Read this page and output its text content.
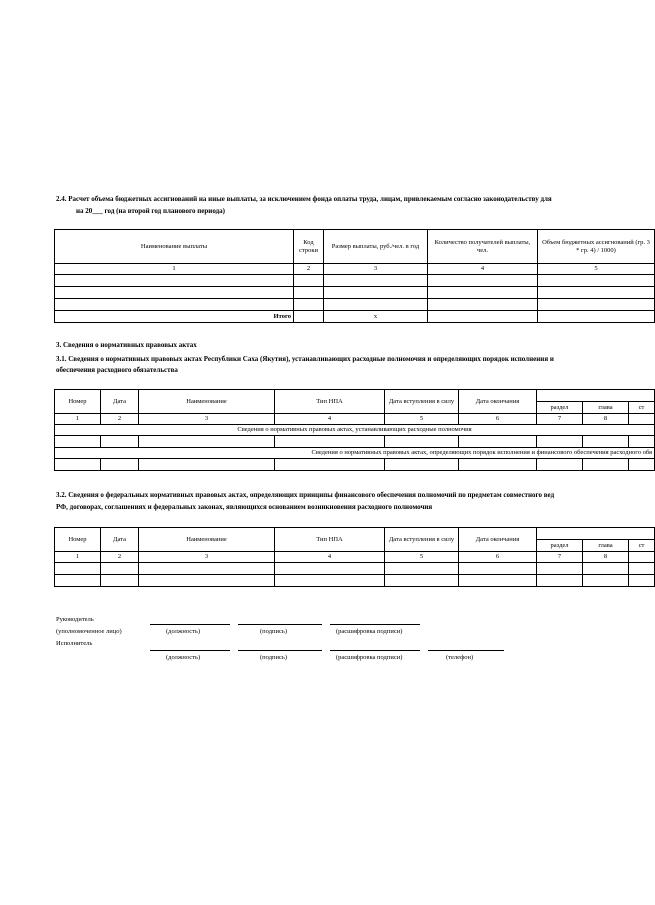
2.4. Расчет объема бюджетных ассигнований на иные выплаты, за исключением фонда оплаты труда, лицам, привлекаемым согласно законодательству для
на 20___ год (на второй год планового периода)
Наименование выплаты	Код строки	Размер выплаты, руб./чел. в год	Количество получателей выплаты, чел.	Объем бюджетных ассигнований (гр. 3 * гр. 4) / 1000)
1	2	3	4	5

Итого		x		
3. Сведения о нормативных правовых актах
3.1. Сведения о нормативных правовых актах Республики Саха (Якутия), устанавливающих расходные полномочия и определяющих порядок исполнения и
обеспечения расходного обязательства
Номер	Дата	Наименование	Тип НПА	Дата вступления в силу	Дата окончания			
						раздел	глава	ст
1	2	3	4	5	6	7	8	
Сведения о нормативных правовых актах, устанавливающих расходные полномочия								

Сведения о нормативных правовых актах, определяющих порядок исполнения и финансового обеспечения расходного обя								

3.2. Сведения о федеральных нормативных правовых актах, определяющих принципы финансового обеспечения полномочий по предметам совместного вед
РФ, договорах, соглашениях и федеральных законах, являющихся основанием возникновения расходного полномочия
Номер	Дата	Наименование	Тип НПА	Дата вступления в силу	Дата окончания			
						раздел	глава	ст
1	2	3	4	5	6	7	8	

Руководитель
(уполномоченное лицо)	(должность)	(подпись)	(расшифровка подписи)
Исполнитель
(должность)	(подпись)	(расшифровка подписи)	(телефон)
